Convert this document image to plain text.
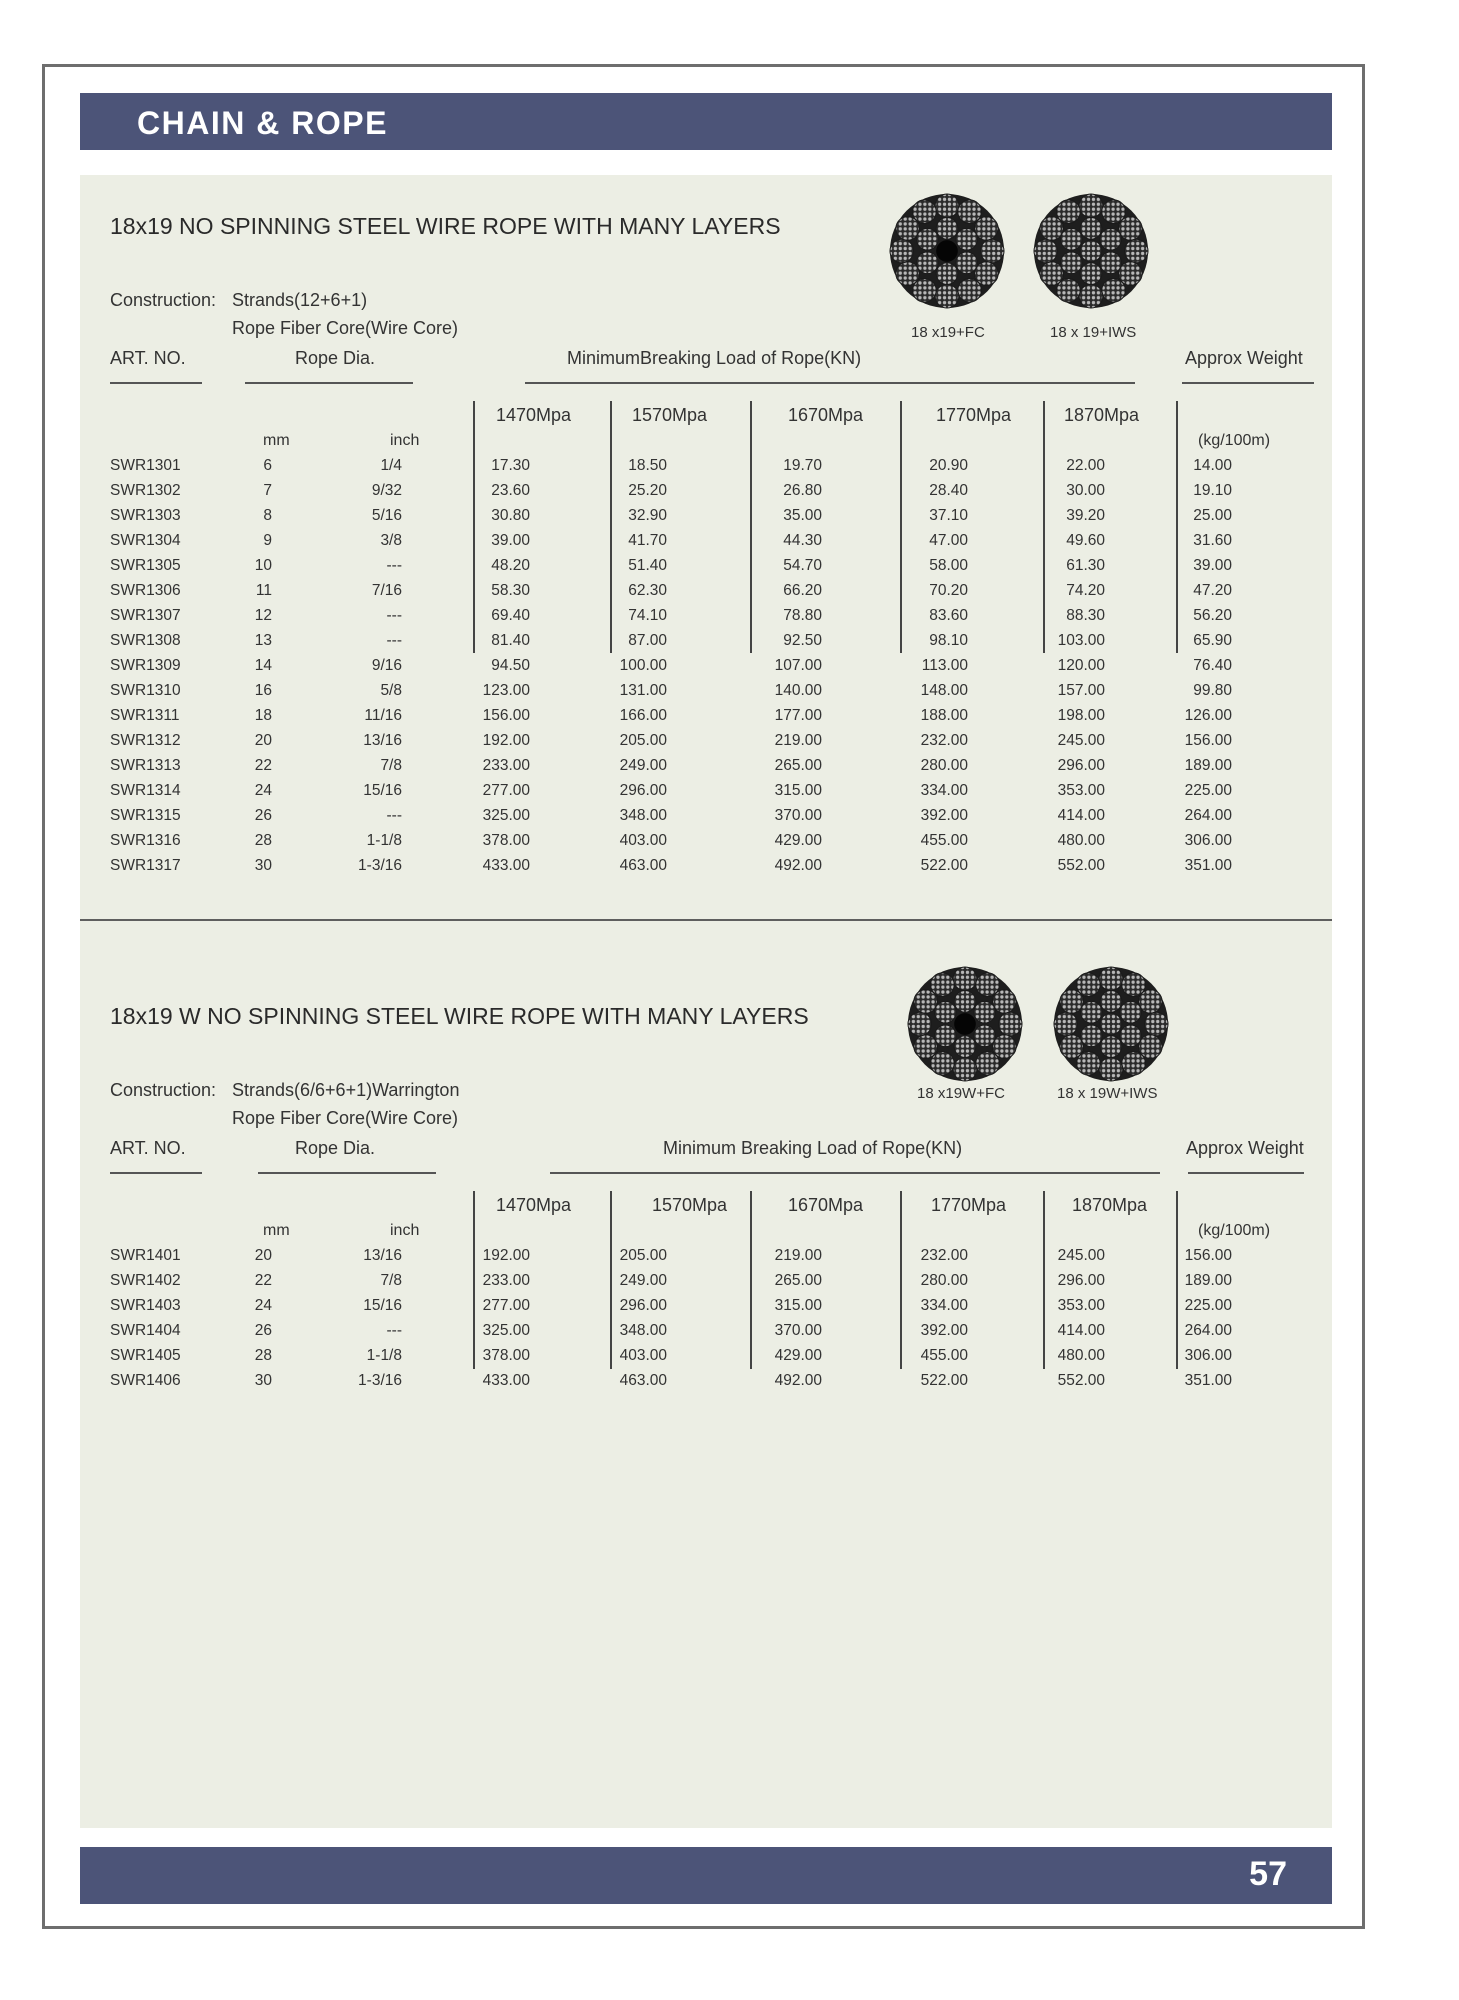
CHAIN & ROPE
18x19 NO SPINNING STEEL WIRE ROPE WITH MANY LAYERS
Construction: Strands(12+6+1)
Rope Fiber Core(Wire Core)	18 x19+FC	18 x 19+IWS
ART. NO.	Rope Dia.	MinimumBreaking Load of Rope(KN)	Approx Weight
1470Mpa	1570Mpa	1670Mpa	1770Mpa	1870Mpa
mm	inch	(kg/100m)
SWR1301	6	1/4	17.30	18.50	19.70	20.90	22.00	14.00
SWR1302	7	9/32	23.60	25.20	26.80	28.40	30.00	19.10
SWR1303	8	5/16	30.80	32.90	35.00	37.10	39.20	25.00
SWR1304	9	3/8	39.00	41.70	44.30	47.00	49.60	31.60
SWR1305	10	---	48.20	51.40	54.70	58.00	61.30	39.00
SWR1306	11	7/16	58.30	62.30	66.20	70.20	74.20	47.20
SWR1307	12	---	69.40	74.10	78.80	83.60	88.30	56.20
SWR1308	13	---	81.40	87.00	92.50	98.10	103.00	65.90
SWR1309	14	9/16	94.50	100.00	107.00	113.00	120.00	76.40
SWR1310	16	5/8	123.00	131.00	140.00	148.00	157.00	99.80
SWR1311	18	11/16	156.00	166.00	177.00	188.00	198.00	126.00
SWR1312	20	13/16	192.00	205.00	219.00	232.00	245.00	156.00
SWR1313	22	7/8	233.00	249.00	265.00	280.00	296.00	189.00
SWR1314	24	15/16	277.00	296.00	315.00	334.00	353.00	225.00
SWR1315	26	---	325.00	348.00	370.00	392.00	414.00	264.00
SWR1316	28	1-1/8	378.00	403.00	429.00	455.00	480.00	306.00
SWR1317	30	1-3/16	433.00	463.00	492.00	522.00	552.00	351.00
18x19 W NO SPINNING STEEL WIRE ROPE WITH MANY LAYERS
Construction: Strands(6/6+6+1)Warrington
Rope Fiber Core(Wire Core)
18 x19W+FC	18 x 19W+IWS
ART. NO.	Rope Dia.	Minimum Breaking Load of Rope(KN)	Approx Weight
1470Mpa	1570Mpa	1670Mpa	1770Mpa	1870Mpa
mm	inch	(kg/100m)
SWR1401	20	13/16	192.00	205.00	219.00	232.00	245.00	156.00
SWR1402	22	7/8	233.00	249.00	265.00	280.00	296.00	189.00
SWR1403	24	15/16	277.00	296.00	315.00	334.00	353.00	225.00
SWR1404	26	---	325.00	348.00	370.00	392.00	414.00	264.00
SWR1405	28	1-1/8	378.00	403.00	429.00	455.00	480.00	306.00
SWR1406	30	1-3/16	433.00	463.00	492.00	522.00	552.00	351.00
57
